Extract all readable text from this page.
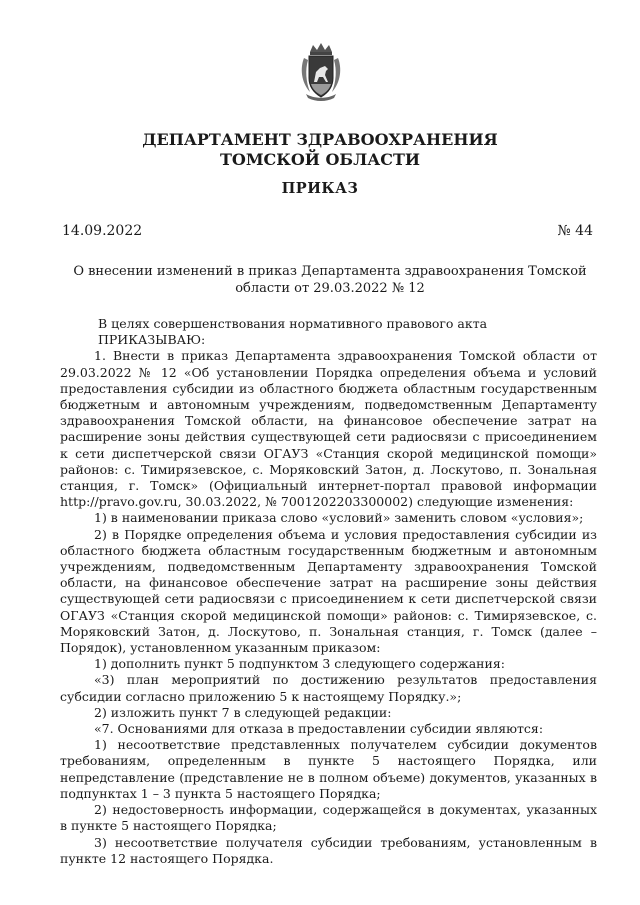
ДЕПАРТАМЕНТ ЗДРАВООХРАНЕНИЯ
ТОМСКОЙ ОБЛАСТИ
ПРИКАЗ
14.09.2022	№ 44
О внесении изменений в приказ Департамента здравоохранения Томской области от 29.03.2022 № 12

В целях совершенствования нормативного правового акта

ПРИКАЗЫВАЮ:

1. Внести в приказ Департамента здравоохранения Томской области от 29.03.2022 № 12 «Об установлении Порядка определения объема и условий предоставления субсидии из областного бюджета областным государственным бюджетным и автономным учреждениям, подведомственным Департаменту здравоохранения Томской области, на финансовое обеспечение затрат на расширение зоны действия существующей сети радиосвязи с присоединением к сети диспетчерской связи ОГАУЗ «Станция скорой медицинской помощи» районов: с. Тимирязевское, с. Моряковский Затон, д. Лоскутово, п. Зональная станция, г. Томск» (Официальный интернет-портал правовой информации http://pravo.gov.ru, 30.03.2022, № 7001202203300002) следующие изменения:

1) в наименовании приказа слово «условий» заменить словом «условия»;

2) в Порядке определения объема и условия предоставления субсидии из областного бюджета областным государственным бюджетным и автономным учреждениям, подведомственным Департаменту здравоохранения Томской области, на финансовое обеспечение затрат на расширение зоны действия существующей сети радиосвязи с присоединением к сети диспетчерской связи ОГАУЗ «Станция скорой медицинской помощи» районов: с. Тимирязевское, с. Моряковский Затон, д. Лоскутово, п. Зональная станция, г. Томск (далее – Порядок), установленном указанным приказом:

1) дополнить пункт 5 подпунктом 3 следующего содержания:

«3) план мероприятий по достижению результатов предоставления субсидии согласно приложению 5 к настоящему Порядку.»;

2) изложить пункт 7 в следующей редакции:

«7. Основаниями для отказа в предоставлении субсидии являются:

1) несоответствие представленных получателем субсидии документов требованиям, определенным в пункте 5 настоящего Порядка, или непредставление (представление не в полном объеме) документов, указанных в подпунктах 1 – 3 пункта 5 настоящего Порядка;

2) недостоверность информации, содержащейся в документах, указанных в пункте 5 настоящего Порядка;

3) несоответствие получателя субсидии требованиям, установленным в пункте 12 настоящего Порядка.
